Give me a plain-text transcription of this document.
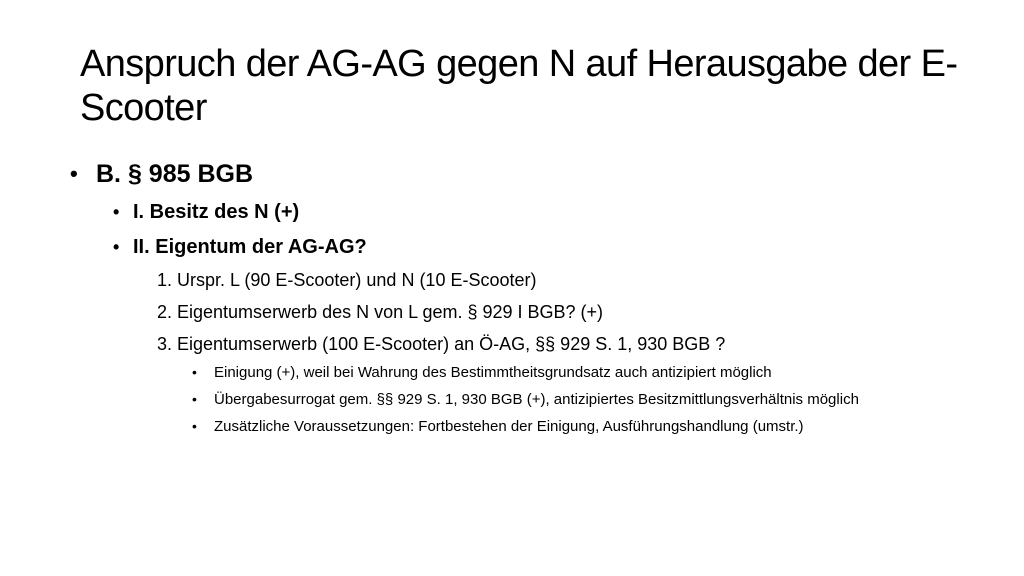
Anspruch der AG-AG gegen N auf Herausgabe der E-Scooter
• B. § 985 BGB
• I. Besitz des N (+)
• II. Eigentum der AG-AG?
1. Urspr. L (90 E-Scooter) und N (10 E-Scooter)
2. Eigentumserwerb des N von L gem. § 929 I BGB? (+)
3. Eigentumserwerb (100 E-Scooter) an Ö-AG, §§ 929 S. 1, 930 BGB ?
• Einigung (+), weil bei Wahrung des Bestimmtheitsgrundsatz auch antizipiert möglich
• Übergabesurrogat gem. §§ 929 S. 1, 930 BGB (+), antizipiertes Besitzmittlungsverhältnis möglich
• Zusätzliche Voraussetzungen: Fortbestehen der Einigung, Ausführungshandlung (umstr.)
